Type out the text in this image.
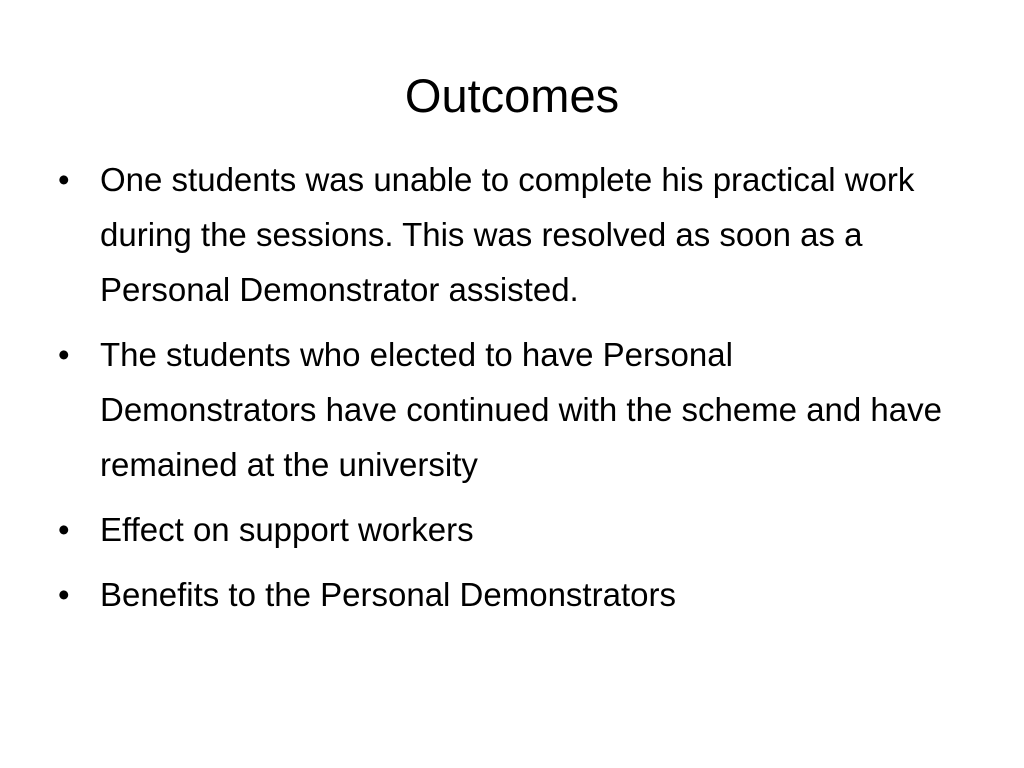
Outcomes
• One students was unable to complete his practical work during the sessions. This was resolved as soon as a Personal Demonstrator assisted.
• The students who elected to have Personal Demonstrators have continued with the scheme and have remained at the university
• Effect on support workers
• Benefits to the Personal Demonstrators
